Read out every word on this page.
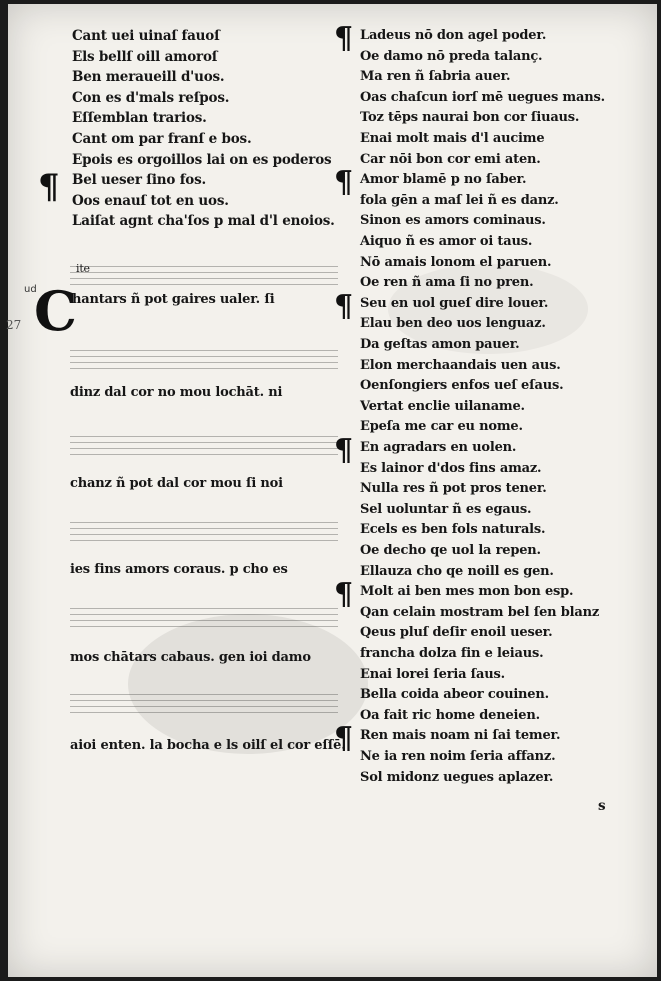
ud
27 C
ite
s
Cant uei uinaſ fauoſ
Els bellſ oill amoroſ
Ben meraueill d'uos.
Con es d'mals reſpos.
Eſſemblan trarios.
Cant om par franſ e bos.
Epois es orgoillos lai on es poderos
Bel ueser ſino fos.
Oos enauſ tot en uos.
Laiſat agnt cha'ſos p mal d'l enoios.
¶
hantars ñ pot gaires ualer. ſi
dinz dal cor no mou lochāt. ni
chanz ñ pot dal cor mou ſi noi
ies fins amors coraus. p cho es
mos chātars cabaus. gen ioi damo
aioi enten. la bocha e ls oilſ el cor eſſē.
Ladeus nō don agel poder.
Oe damo nō preda talanç.
Ma ren ñ ſabria auer.
Oas chaſcun iorſ mē uegues mans.
Toz tēps naurai bon cor ſiuaus.
Enai molt mais d'l aucime
Car nōi bon cor emi aten.
Amor blamē p no ſaber.
fola gēn a maſ lei ñ es danz.
Sinon es amors cominaus.
Aiquo ñ es amor oi taus.
Nō amais lonom el paruen.
Oe ren ñ ama ſi no pren.
Seu en uol gueſ dire louer.
Elau ben deo uos lenguaz.
Da geſtas amon pauer.
Elon merchaandais uen aus.
Oenſongiers enfos ueſ eſaus.
Vertat enclie uilaname.
Epeſa me car eu nome.
En agradars en uolen.
Es lainor d'dos fins amaz.
Nulla res ñ pot pros tener.
Sel uoluntar ñ es egaus.
Ecels es ben fols naturals.
Oe decho qe uol la repen.
Ellauza cho qe noill es gen.
Molt ai ben mes mon bon esp.
Qan celain mostram bel ſen blanz
Qeus pluſ deſir enoil ueser.
francha dolza fin e leiaus.
Enai lorei ſeria ſaus.
Bella coida abeor couinen.
Oa fait ric home deneien.
Ren mais noam ni ſai temer.
Ne ia ren noim ſeria affanz.
Sol midonz uegues aplazer.
¶
¶
¶
¶
¶
¶
